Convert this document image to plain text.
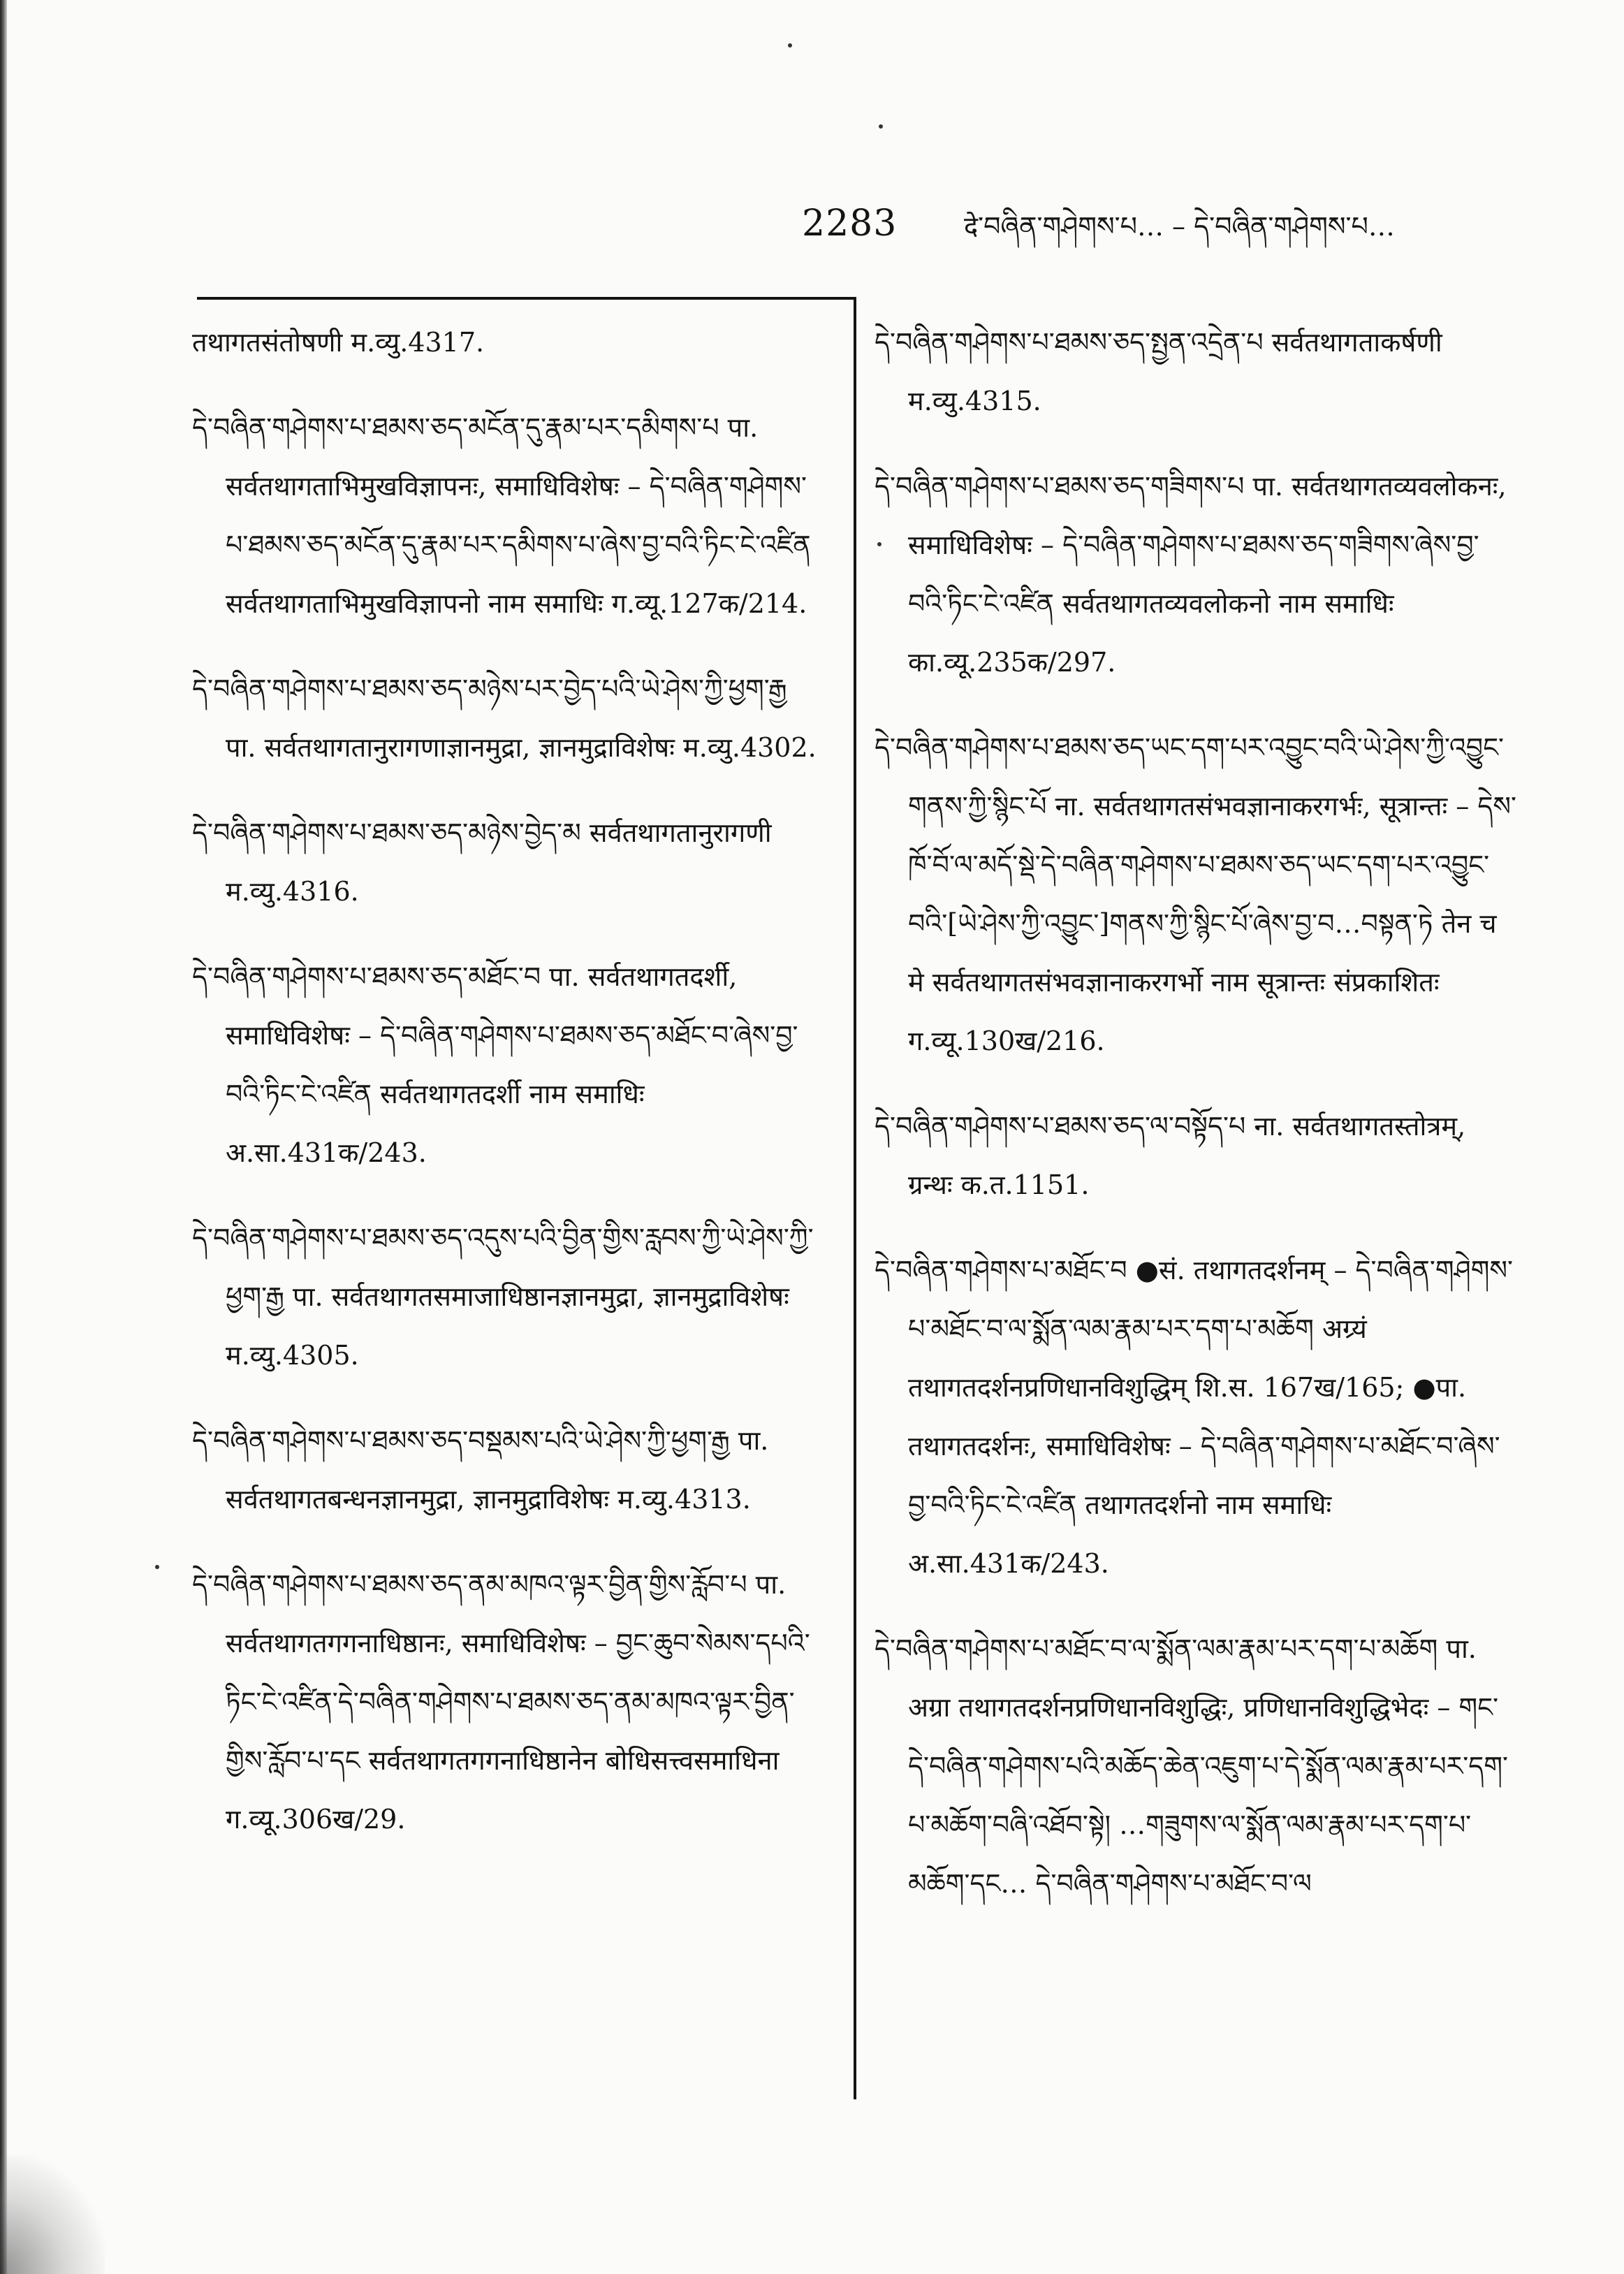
2283	दे་བཞིན་གཤེགས་པ… – དེ་བཞིན་གཤེགས་པ…
तथागतसंतोषणी म.व्यु.4317.
དེ་བཞིན་གཤེགས་པ་ཐམས་ཅད་མངོན་དུ་རྣམ་པར་དམིགས་པ पा. सर्वतथागताभिमुखविज्ञापनः, समाधिविशेषः – དེ་བཞིན་གཤེགས་པ་ཐམས་ཅད་མངོན་དུ་རྣམ་པར་དམིགས་པ་ཞེས་བྱ་བའི་ཏིང་ངེ་འཛིན सर्वतथागताभिमुखविज्ञापनो नाम समाधिः ग.व्यू.127क/214.
དེ་བཞིན་གཤེགས་པ་ཐམས་ཅད་མཉེས་པར་བྱེད་པའི་ཡེ་ཤེས་ཀྱི་ཕྱག་རྒྱ पा. सर्वतथागतानुरागणाज्ञानमुद्रा, ज्ञानमुद्राविशेषः म.व्यु.4302.
དེ་བཞིན་གཤེགས་པ་ཐམས་ཅད་མཉེས་བྱེད་མ सर्वतथागतानुरागणी म.व्यु.4316.
དེ་བཞིན་གཤེགས་པ་ཐམས་ཅད་མཐོང་བ पा. सर्वतथागतदर्शी, समाधिविशेषः – དེ་བཞིན་གཤེགས་པ་ཐམས་ཅད་མཐོང་བ་ཞེས་བྱ་བའི་ཏིང་ངེ་འཛིན सर्वतथागतदर्शी नाम समाधिः अ.सा.431क/243.
དེ་བཞིན་གཤེགས་པ་ཐམས་ཅད་འདུས་པའི་བྱིན་གྱིས་རླབས་ཀྱི་ཡེ་ཤེས་ཀྱི་ཕྱག་རྒྱ पा. सर्वतथागतसमाजाधिष्ठानज्ञानमुद्रा, ज्ञानमुद्राविशेषः म.व्यु.4305.
དེ་བཞིན་གཤེགས་པ་ཐམས་ཅད་བསྡམས་པའི་ཡེ་ཤེས་ཀྱི་ཕྱག་རྒྱ पा. सर्वतथागतबन्धनज्ञानमुद्रा, ज्ञानमुद्राविशेषः म.व्यु.4313.
དེ་བཞིན་གཤེགས་པ་ཐམས་ཅད་ནམ་མཁའ་ལྟར་བྱིན་གྱིས་རློབ་པ पा. सर्वतथागतगगनाधिष्ठानः, समाधिविशेषः – བྱང་ཆུབ་སེམས་དཔའི་ཏིང་ངེ་འཛིན་དེ་བཞིན་གཤེགས་པ་ཐམས་ཅད་ནམ་མཁའ་ལྟར་བྱིན་གྱིས་རློབ་པ་དང सर्वतथागतगगनाधिष्ठानेन बोधिसत्त्वसमाधिना ग.व्यू.306ख/29.
དེ་བཞིན་གཤེགས་པ་ཐམས་ཅད་སྤྱན་འདྲེན་པ सर्वतथागताकर्षणी म.व्यु.4315.
དེ་བཞིན་གཤེགས་པ་ཐམས་ཅད་གཟིགས་པ पा. सर्वतथागतव्यवलोकनः, समाधिविशेषः – དེ་བཞིན་གཤེགས་པ་ཐམས་ཅད་གཟིགས་ཞེས་བྱ་བའི་ཏིང་ངེ་འཛིན सर्वतथागतव्यवलोकनो नाम समाधिः का.व्यू.235क/297.
དེ་བཞིན་གཤེགས་པ་ཐམས་ཅད་ཡང་དག་པར་འབྱུང་བའི་ཡེ་ཤེས་ཀྱི་འབྱུང་གནས་ཀྱི་སྙིང་པོ ना. सर्वतथागतसंभवज्ञानाकरगर्भः, सूत्रान्तः – དེས་ཁོ་བོ་ལ་མདོ་སྡེ་དེ་བཞིན་གཤེགས་པ་ཐམས་ཅད་ཡང་དག་པར་འབྱུང་བའི་[ཡེ་ཤེས་ཀྱི་འབྱུང་]གནས་ཀྱི་སྙིང་པོ་ཞེས་བྱ་བ…བསྟན་ཏེ तेन च मे सर्वतथागतसंभवज्ञानाकरगर्भो नाम सूत्रान्तः संप्रकाशितः ग.व्यू.130ख/216.
དེ་བཞིན་གཤེགས་པ་ཐམས་ཅད་ལ་བསྟོད་པ ना. सर्वतथागतस्तोत्रम्, ग्रन्थः क.त.1151.
དེ་བཞིན་གཤེགས་པ་མཐོང་བ ●सं. तथागतदर्शनम् – དེ་བཞིན་གཤེགས་པ་མཐོང་བ་ལ་སྨོན་ལམ་རྣམ་པར་དག་པ་མཆོག अग्र्यं तथागतदर्शनप्रणिधानविशुद्धिम् शि.स. 167ख/165; ●पा. तथागतदर्शनः, समाधिविशेषः – དེ་བཞིན་གཤེགས་པ་མཐོང་བ་ཞེས་བྱ་བའི་ཏིང་ངེ་འཛིན तथागतदर्शनो नाम समाधिः अ.सा.431क/243.
དེ་བཞིན་གཤེགས་པ་མཐོང་བ་ལ་སྨོན་ལམ་རྣམ་པར་དག་པ་མཆོག पा. अग्रा तथागतदर्शनप्रणिधानविशुद्धिः, प्रणिधानविशुद्धिभेदः – གང་དེ་བཞིན་གཤེགས་པའི་མཆོད་ཆེན་འཇུག་པ་དེ་སྨོན་ལམ་རྣམ་པར་དག་པ་མཆོག་བཞི་འཐོབ་སྟེ། …གཟུགས་ལ་སྨོན་ལམ་རྣམ་པར་དག་པ་མཆོག་དང… དེ་བཞིན་གཤེགས་པ་མཐོང་བ་ལ
